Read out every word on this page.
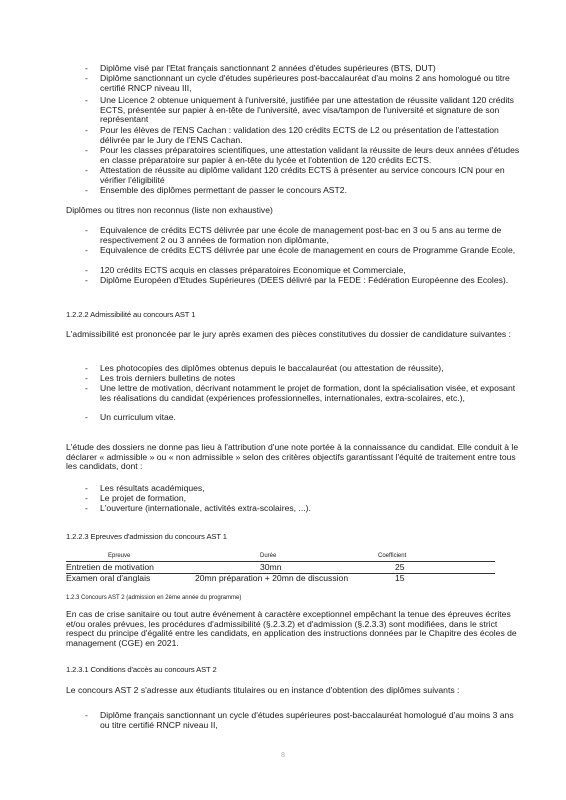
- Diplôme visé par l'Etat français sanctionnant 2 années d'études supérieures (BTS, DUT)
- Diplôme sanctionnant un cycle d'études supérieures post-baccalauréat d'au moins 2 ans homologué ou titre certifié RNCP niveau III,
- Une Licence 2 obtenue uniquement à l'université, justifiée par une attestation de réussite validant 120 crédits ECTS, présentée sur papier à en-tête de l'université, avec visa/tampon de l'université et signature de son représentant
- Pour les élèves de l'ENS Cachan : validation des 120 crédits ECTS de L2 ou présentation de l'attestation délivrée par le Jury de l'ENS Cachan.
- Pour les classes préparatoires scientifiques, une attestation validant la réussite de leurs deux années d'études en classe préparatoire sur papier à en-tête du lycée et l'obtention de 120 crédits ECTS.
- Attestation de réussite au diplôme validant 120 crédits ECTS à présenter au service concours ICN pour en vérifier l'éligibilité
- Ensemble des diplômes permettant de passer le concours AST2.
Diplômes ou titres non reconnus (liste non exhaustive)
- Equivalence de crédits ECTS délivrée par une école de management post-bac en 3 ou 5 ans au terme de respectivement 2 ou 3 années de formation non diplômante,
- Equivalence de crédits ECTS délivrée par une école de management en cours de Programme Grande Ecole,
- 120 crédits ECTS acquis en classes préparatoires Economique et Commerciale,
- Diplôme Européen d'Etudes Supérieures (DEES délivré par la FEDE : Fédération Européenne des Ecoles).
1.2.2.2 Admissibilité au concours AST 1
L'admissibilité est prononcée par le jury après examen des pièces constitutives du dossier de candidature suivantes :
- Les photocopies des diplômes obtenus depuis le baccalauréat (ou attestation de réussite),
- Les trois derniers bulletins de notes
- Une lettre de motivation, décrivant notamment le projet de formation, dont la spécialisation visée, et exposant les réalisations du candidat (expériences professionnelles, internationales, extra-scolaires, etc.),
- Un curriculum vitae.
L'étude des dossiers ne donne pas lieu à l'attribution d'une note portée à la connaissance du candidat. Elle conduit à le déclarer « admissible » ou « non admissible » selon des critères objectifs garantissant l'équité de traitement entre tous les candidats, dont :
- Les résultats académiques,
- Le projet de formation,
- L'ouverture (internationale, activités extra-scolaires, ...).
1.2.2.3 Epreuves d'admission du concours AST 1
Epreuve	Durée	Coefficient
Entretien de motivation	30mn	25
Examen oral d'anglais	20mn préparation + 20mn de discussion	15
1.2.3 Concours AST 2 (admission en 2ème année du programme)
En cas de crise sanitaire ou tout autre événement à caractère exceptionnel empêchant la tenue des épreuves écrites et/ou orales prévues, les procédures d'admissibilité (§.2.3.2) et d'admission (§.2.3.3) sont modifiées, dans le strict respect du principe d'égalité entre les candidats, en application des instructions données par le Chapitre des écoles de management (CGE) en 2021.
1.2.3.1 Conditions d'accès au concours AST 2
Le concours AST 2 s'adresse aux étudiants titulaires ou en instance d'obtention des diplômes suivants :
- Diplôme français sanctionnant un cycle d'études supérieures post-baccalauréat homologué d'au moins 3 ans ou titre certifié RNCP niveau II,
8
